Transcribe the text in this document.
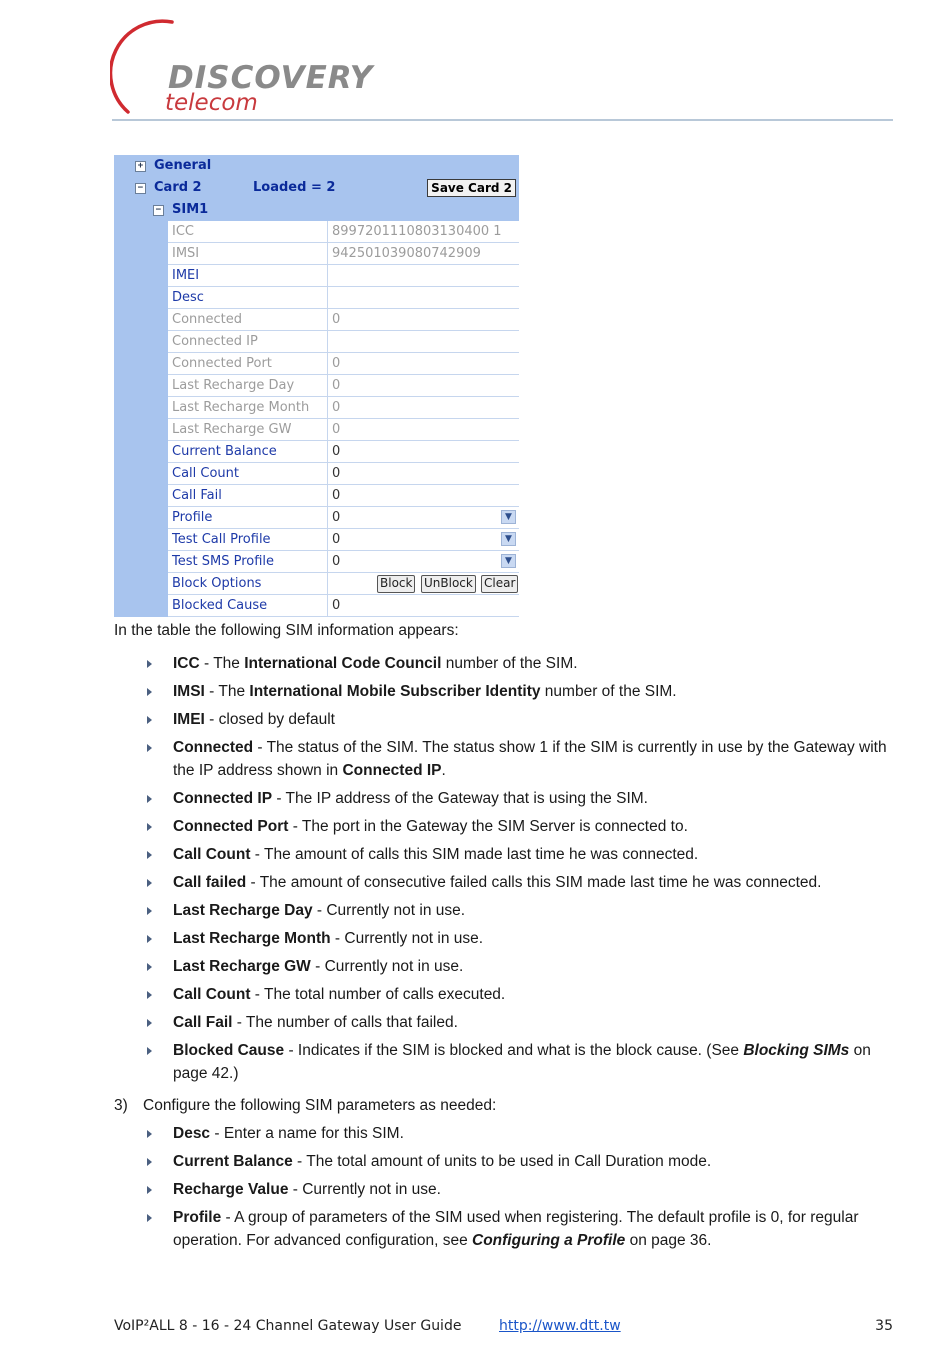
DISCOVERY
telecom
+ General
− Card 2	Loaded = 2	Save Card 2
− SIM1
ICC	8997201110803130400 1
IMSI	942501039080742909
IMEI
Desc
Connected	0
Connected IP
Connected Port	0
Last Recharge Day	0
Last Recharge Month	0
Last Recharge GW	0
Current Balance	0
Call Count	0
Call Fail	0
Profile	0	▼
Test Call Profile	0	▼
Test SMS Profile	0	▼
Block Options	Block UnBlock Clear
Blocked Cause	0
In the table the following SIM information appears:
ICC - The International Code Council number of the SIM.
IMSI - The International Mobile Subscriber Identity number of the SIM.
IMEI - closed by default
Connected - The status of the SIM. The status show 1 if the SIM is currently in use by the Gateway with the IP address shown in Connected IP.
Connected IP - The IP address of the Gateway that is using the SIM.
Connected Port - The port in the Gateway the SIM Server is connected to.
Call Count - The amount of calls this SIM made last time he was connected.
Call failed - The amount of consecutive failed calls this SIM made last time he was connected.
Last Recharge Day - Currently not in use.
Last Recharge Month - Currently not in use.
Last Recharge GW - Currently not in use.
Call Count - The total number of calls executed.
Call Fail - The number of calls that failed.
Blocked Cause - Indicates if the SIM is blocked and what is the block cause. (See Blocking SIMs on page 42.)
3) Configure the following SIM parameters as needed:
Desc - Enter a name for this SIM.
Current Balance - The total amount of units to be used in Call Duration mode.
Recharge Value - Currently not in use.
Profile - A group of parameters of the SIM used when registering. The default profile is 0, for regular operation. For advanced configuration, see Configuring a Profile on page 36.
VoIP²ALL 8 - 16 - 24 Channel Gateway User Guide	http://www.dtt.tw	35
